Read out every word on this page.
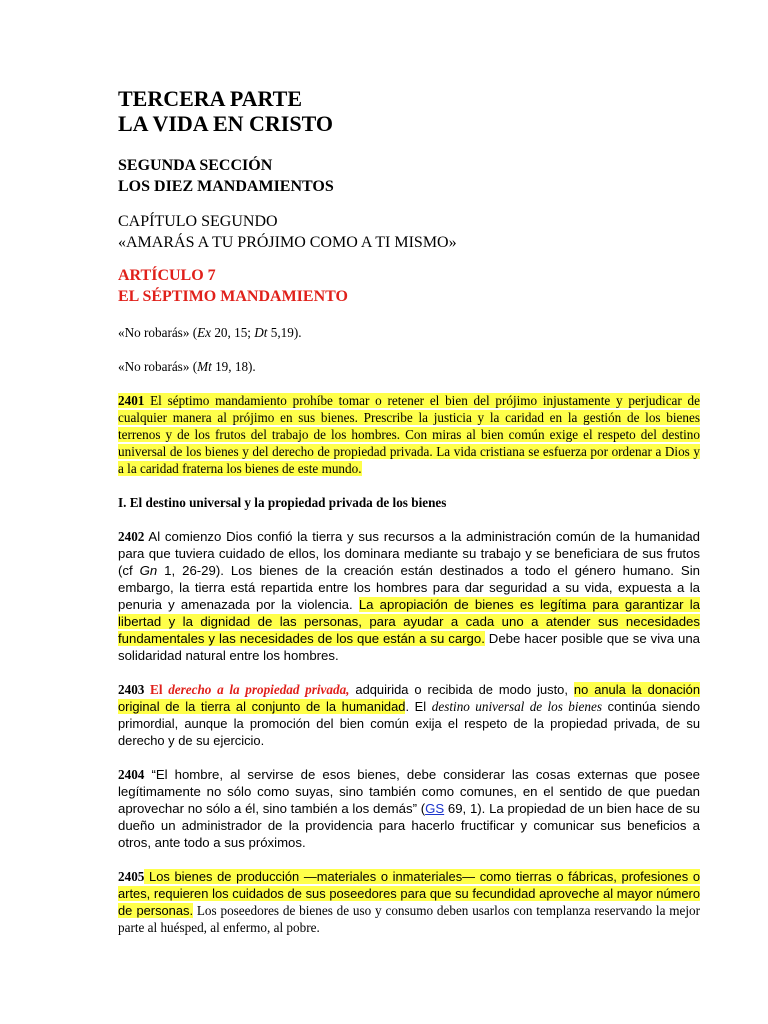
TERCERA PARTE

LA VIDA EN CRISTO

SEGUNDA SECCIÓN

LOS DIEZ MANDAMIENTOS

CAPÍTULO SEGUNDO

«AMARÁS A TU PRÓJIMO COMO A TI MISMO»

ARTÍCULO 7

EL SÉPTIMO MANDAMIENTO

«No robarás» (Ex 20, 15; Dt 5,19).

«No robarás» (Mt 19, 18).

2401 El séptimo mandamiento prohíbe tomar o retener el bien del prójimo injustamente y perjudicar de cualquier manera al prójimo en sus bienes. Prescribe la justicia y la caridad en la gestión de los bienes terrenos y de los frutos del trabajo de los hombres. Con miras al bien común exige el respeto del destino universal de los bienes y del derecho de propiedad privada. La vida cristiana se esfuerza por ordenar a Dios y a la caridad fraterna los bienes de este mundo.

I. El destino universal y la propiedad privada de los bienes

2402 Al comienzo Dios confió la tierra y sus recursos a la administración común de la humanidad para que tuviera cuidado de ellos, los dominara mediante su trabajo y se beneficiara de sus frutos (cf Gn 1, 26-29). Los bienes de la creación están destinados a todo el género humano. Sin embargo, la tierra está repartida entre los hombres para dar seguridad a su vida, expuesta a la penuria y amenazada por la violencia. La apropiación de bienes es legítima para garantizar la libertad y la dignidad de las personas, para ayudar a cada uno a atender sus necesidades fundamentales y las necesidades de los que están a su cargo. Debe hacer posible que se viva una solidaridad natural entre los hombres.

2403 El derecho a la propiedad privada, adquirida o recibida de modo justo, no anula la donación original de la tierra al conjunto de la humanidad. El destino universal de los bienes continúa siendo primordial, aunque la promoción del bien común exija el respeto de la propiedad privada, de su derecho y de su ejercicio.

2404 “El hombre, al servirse de esos bienes, debe considerar las cosas externas que posee legítimamente no sólo como suyas, sino también como comunes, en el sentido de que puedan aprovechar no sólo a él, sino también a los demás” (GS 69, 1). La propiedad de un bien hace de su dueño un administrador de la providencia para hacerlo fructificar y comunicar sus beneficios a otros, ante todo a sus próximos.

2405 Los bienes de producción —materiales o inmateriales— como tierras o fábricas, profesiones o artes, requieren los cuidados de sus poseedores para que su fecundidad aproveche al mayor número de personas. Los poseedores de bienes de uso y consumo deben usarlos con templanza reservando la mejor parte al huésped, al enfermo, al pobre.
